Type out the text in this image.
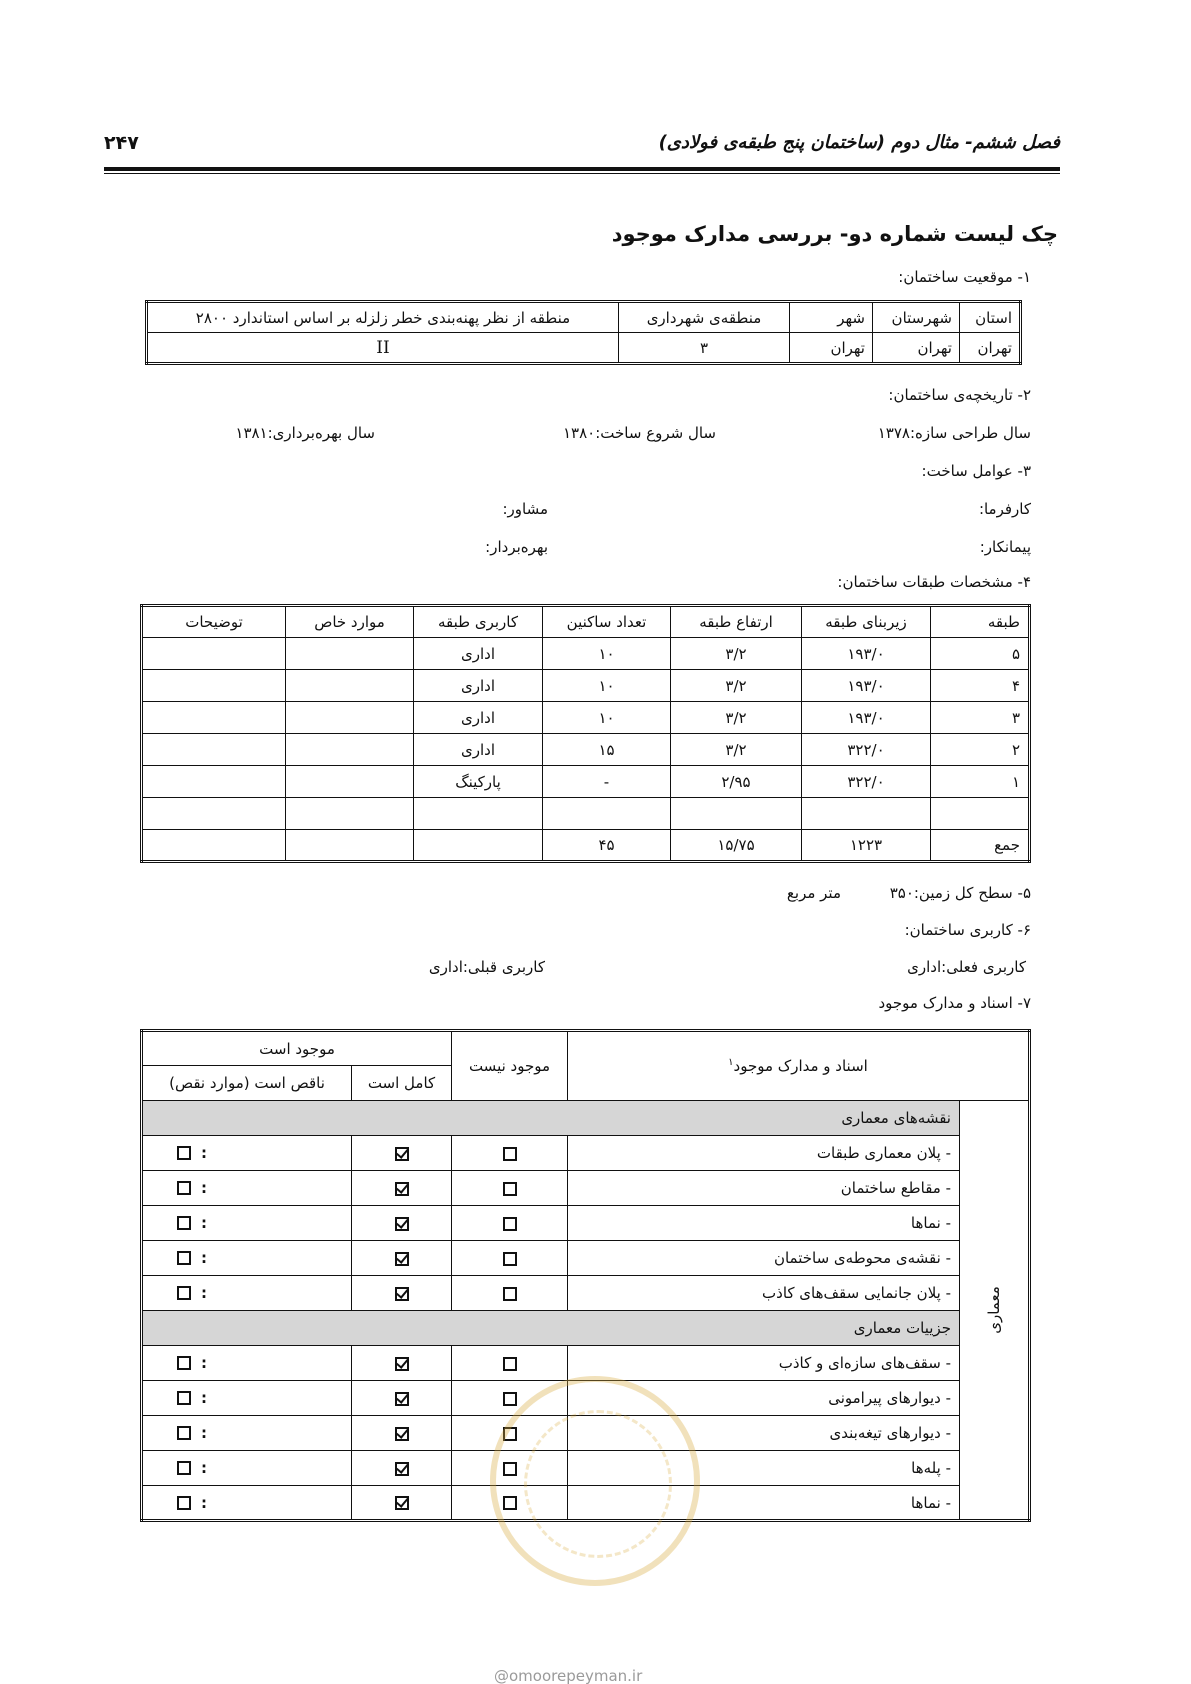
فصل ششم- مثال دوم (ساختمان پنج طبقه‌ی فولادی)
۲۴۷
چک لیست شماره دو- بررسی مدارک موجود
۱- موقعیت ساختمان:
استان	شهرستان	شهر	منطقه‌ی شهرداری	منطقه از نظر پهنه‌بندی خطر زلزله بر اساس استاندارد ۲۸۰۰
تهران	تهران	تهران	۳	II
۲- تاریخچه‌ی ساختمان:
سال طراحی سازه:۱۳۷۸
سال شروع ساخت:۱۳۸۰
سال بهره‌برداری:۱۳۸۱
۳- عوامل ساخت:
کارفرما:
مشاور:
پیمانکار:
بهره‌بردار:
۴- مشخصات طبقات ساختمان:
طبقه	زیربنای طبقه	ارتفاع طبقه	تعداد ساکنین	کاربری طبقه	موارد خاص	توضیحات
۵	۱۹۳/۰	۳/۲	۱۰	اداری		
۴	۱۹۳/۰	۳/۲	۱۰	اداری		
۳	۱۹۳/۰	۳/۲	۱۰	اداری		
۲	۳۲۲/۰	۳/۲	۱۵	اداری		
۱	۳۲۲/۰	۲/۹۵	-	پارکینگ		

جمع	۱۲۲۳	۱۵/۷۵	۴۵			
۵- سطح کل زمین:۳۵۰
متر مربع
۶- کاربری ساختمان:
کاربری فعلی:اداری
کاربری قبلی:اداری
۷- اسناد و مدارک موجود
اسناد و مدارک موجود$^۱$		موجود نیست	موجود است	
			کامل است	ناقص است (موارد نقص)
معماری	نقشه‌های معماری			
	- پلان معماری طبقات			:
	- مقاطع ساختمان			:
	- نماها			:
	- نقشه‌ی محوطه‌ی ساختمان			:
	- پلان جانمایی سقف‌های کاذب			:
	جزییات معماری			
	- سقف‌های سازه‌ای و کاذب			:
	- دیوارهای پیرامونی			:
	- دیوارهای تیغه‌بندی			:
	- پله‌ها			:
	- نماها			:
@omoorepeyman.ir
